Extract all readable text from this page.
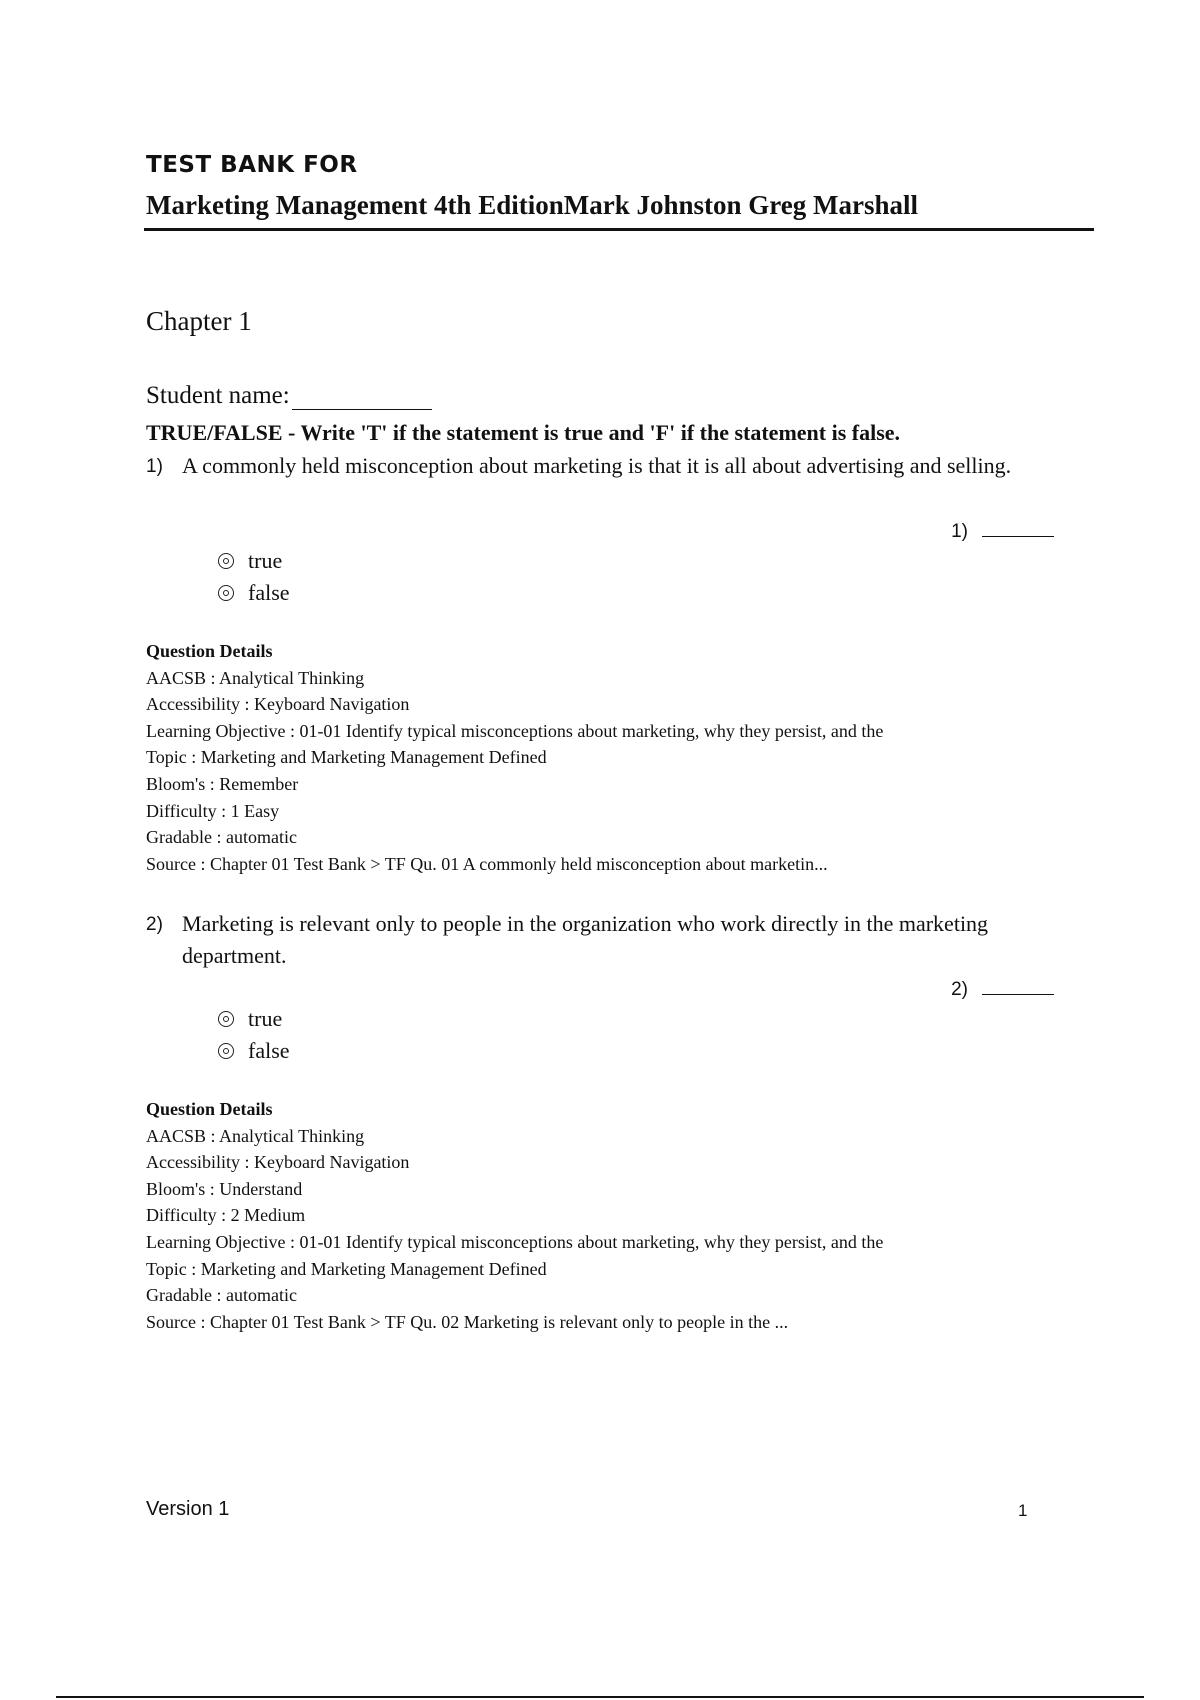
TEST BANK FOR
Marketing Management 4th EditionMark Johnston Greg Marshall
Chapter 1
Student name:
TRUE/FALSE - Write 'T' if the statement is true and 'F' if the statement is false.
1) A commonly held misconception about marketing is that it is all about advertising and selling.
1)
true
false
Question Details
AACSB : Analytical Thinking
Accessibility : Keyboard Navigation
Learning Objective : 01-01 Identify typical misconceptions about marketing, why they persist, and the
Topic : Marketing and Marketing Management Defined
Bloom's : Remember
Difficulty : 1 Easy
Gradable : automatic
Source : Chapter 01 Test Bank > TF Qu. 01 A commonly held misconception about marketin...
2) Marketing is relevant only to people in the organization who work directly in the marketing department.
2)
true
false
Question Details
AACSB : Analytical Thinking
Accessibility : Keyboard Navigation
Bloom's : Understand
Difficulty : 2 Medium
Learning Objective : 01-01 Identify typical misconceptions about marketing, why they persist, and the
Topic : Marketing and Marketing Management Defined
Gradable : automatic
Source : Chapter 01 Test Bank > TF Qu. 02 Marketing is relevant only to people in the ...
Version 1	1
